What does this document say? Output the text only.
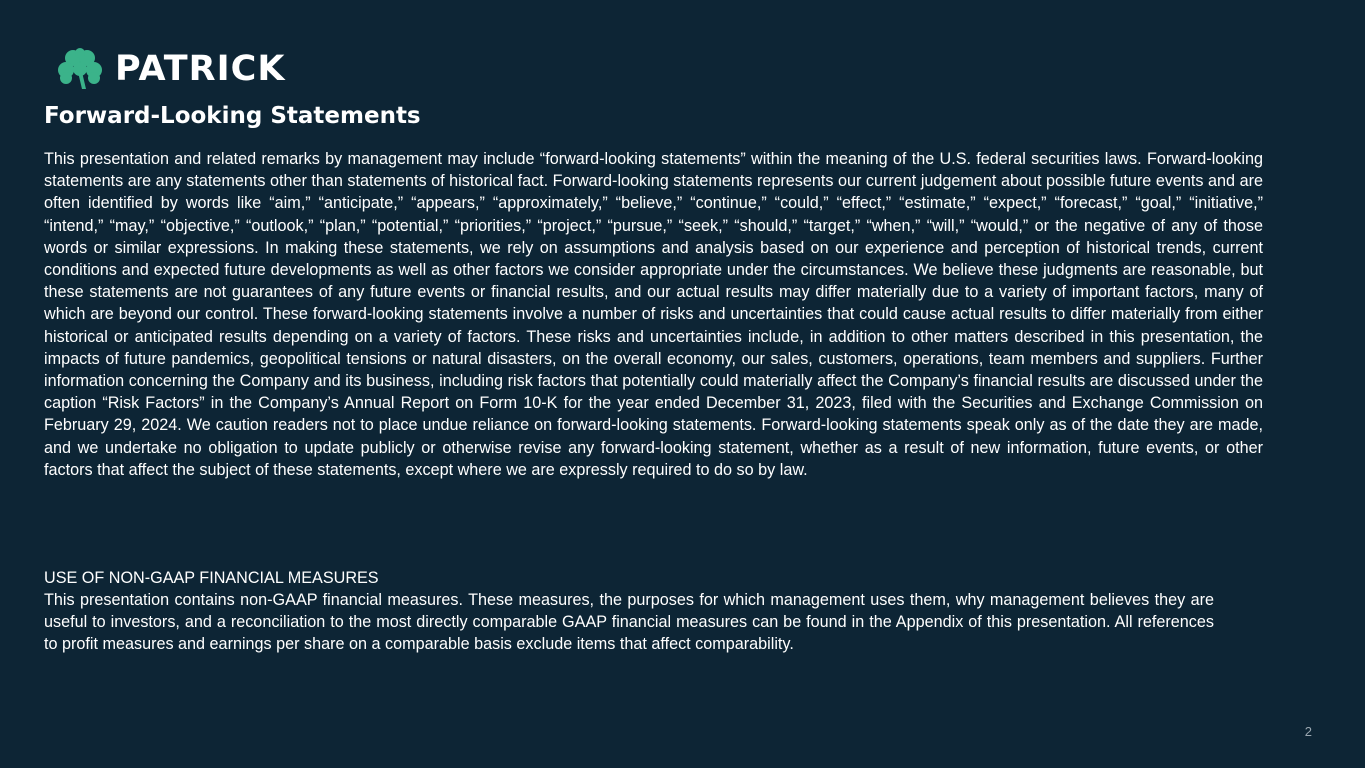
PATRICK
Forward-Looking Statements

This presentation and related remarks by management may include “forward-looking statements” within the meaning of the U.S. federal securities laws. Forward-looking statements are any statements other than statements of historical fact. Forward-looking statements represents our current judgement about possible future events and are often identified by words like “aim,” “anticipate,” “appears,” “approximately,” “believe,” “continue,” “could,” “effect,” “estimate,” “expect,” “forecast,” “goal,” “initiative,” “intend,” “may,” “objective,” “outlook,” “plan,” “potential,” “priorities,” “project,” “pursue,” “seek,” “should,” “target,” “when,” “will,” “would,” or the negative of any of those words or similar expressions. In making these statements, we rely on assumptions and analysis based on our experience and perception of historical trends, current conditions and expected future developments as well as other factors we consider appropriate under the circumstances. We believe these judgments are reasonable, but these statements are not guarantees of any future events or financial results, and our actual results may differ materially due to a variety of important factors, many of which are beyond our control. These forward-looking statements involve a number of risks and uncertainties that could cause actual results to differ materially from either historical or anticipated results depending on a variety of factors. These risks and uncertainties include, in addition to other matters described in this presentation, the impacts of future pandemics, geopolitical tensions or natural disasters, on the overall economy, our sales, customers, operations, team members and suppliers. Further information concerning the Company and its business, including risk factors that potentially could materially affect the Company’s financial results are discussed under the caption “Risk Factors” in the Company’s Annual Report on Form 10-K for the year ended December 31, 2023, filed with the Securities and Exchange Commission on February 29, 2024. We caution readers not to place undue reliance on forward-looking statements. Forward-looking statements speak only as of the date they are made, and we undertake no obligation to update publicly or otherwise revise any forward-looking statement, whether as a result of new information, future events, or other factors that affect the subject of these statements, except where we are expressly required to do so by law.

USE OF NON-GAAP FINANCIAL MEASURES

This presentation contains non-GAAP financial measures. These measures, the purposes for which management uses them, why management believes they are useful to investors, and a reconciliation to the most directly comparable GAAP financial measures can be found in the Appendix of this presentation. All references to profit measures and earnings per share on a comparable basis exclude items that affect comparability.

2
